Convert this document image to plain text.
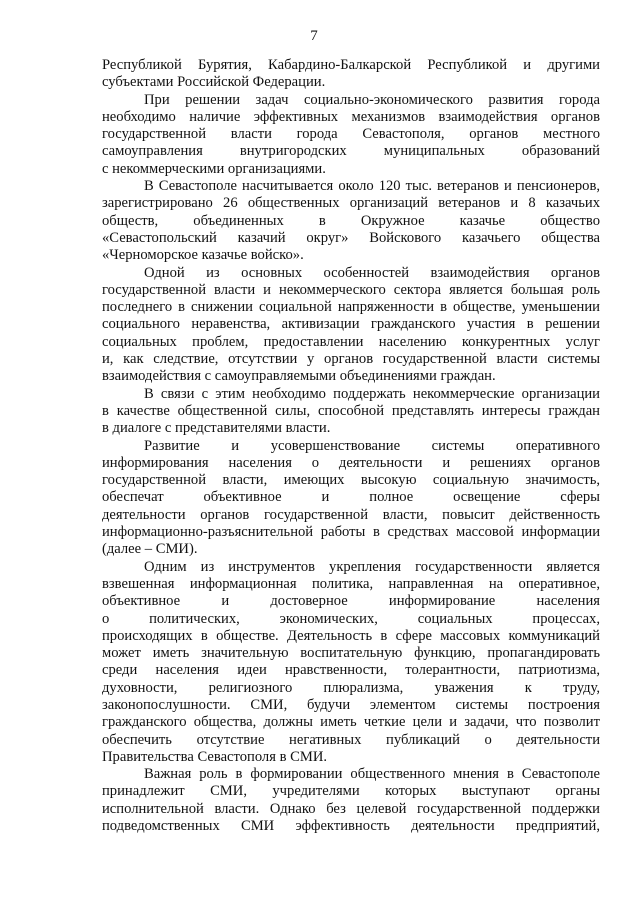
7
Республикой Бурятия, Кабардино-Балкарской Республикой и другими
субъектами Российской Федерации.
При решении задач социально-экономического развития города
необходимо наличие эффективных механизмов взаимодействия органов
государственной власти города Севастополя, органов местного
самоуправления внутригородских муниципальных образований
с некоммерческими организациями.
В Севастополе насчитывается около 120 тыс. ветеранов и пенсионеров,
зарегистрировано 26 общественных организаций ветеранов и 8 казачьих
обществ, объединенных в Окружное казачье общество
«Севастопольский казачий округ» Войскового казачьего общества
«Черноморское казачье войско».
Одной из основных особенностей взаимодействия органов
государственной власти и некоммерческого сектора является большая роль
последнего в снижении социальной напряженности в обществе, уменьшении
социального неравенства, активизации гражданского участия в решении
социальных проблем, предоставлении населению конкурентных услуг
и, как следствие, отсутствии у органов государственной власти системы
взаимодействия с самоуправляемыми объединениями граждан.
В связи с этим необходимо поддержать некоммерческие организации
в качестве общественной силы, способной представлять интересы граждан
в диалоге с представителями власти.
Развитие и усовершенствование системы оперативного
информирования населения о деятельности и решениях органов
государственной власти, имеющих высокую социальную значимость,
обеспечат объективное и полное освещение сферы
деятельности органов государственной власти, повысит действенность
информационно-разъяснительной работы в средствах массовой информации
(далее – СМИ).
Одним из инструментов укрепления государственности является
взвешенная информационная политика, направленная на оперативное,
объективное и достоверное информирование населения
о политических, экономических, социальных процессах,
происходящих в обществе. Деятельность в сфере массовых коммуникаций
может иметь значительную воспитательную функцию, пропагандировать
среди населения идеи нравственности, толерантности, патриотизма,
духовности, религиозного плюрализма, уважения к труду,
законопослушности. СМИ, будучи элементом системы построения
гражданского общества, должны иметь четкие цели и задачи, что позволит
обеспечить отсутствие негативных публикаций о деятельности
Правительства Севастополя в СМИ.
Важная роль в формировании общественного мнения в Севастополе
принадлежит СМИ, учредителями которых выступают органы
исполнительной власти. Однако без целевой государственной поддержки
подведомственных СМИ эффективность деятельности предприятий,
